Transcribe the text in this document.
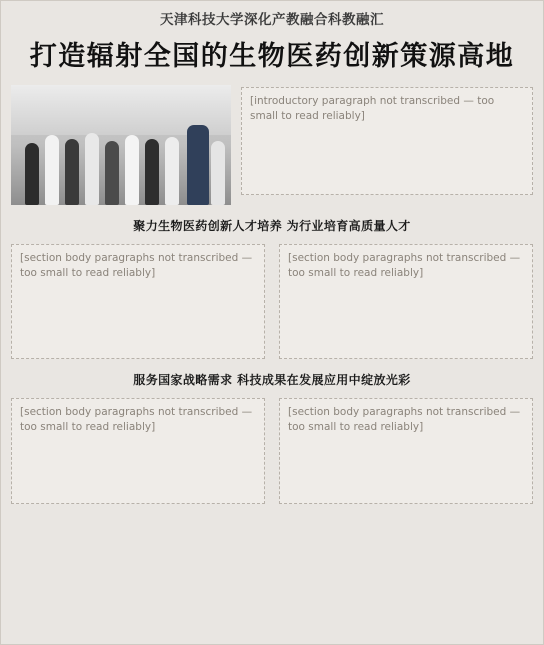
天津科技大学深化产教融合科教融汇

打造辐射全国的生物医药创新策源高地

[introductory paragraph not transcribed — too small to read reliably]

聚力生物医药创新人才培养 为行业培育高质量人才

[section body paragraphs not transcribed — too small to read reliably]

[section body paragraphs not transcribed — too small to read reliably]

服务国家战略需求 科技成果在发展应用中绽放光彩

[section body paragraphs not transcribed — too small to read reliably]

[section body paragraphs not transcribed — too small to read reliably]
